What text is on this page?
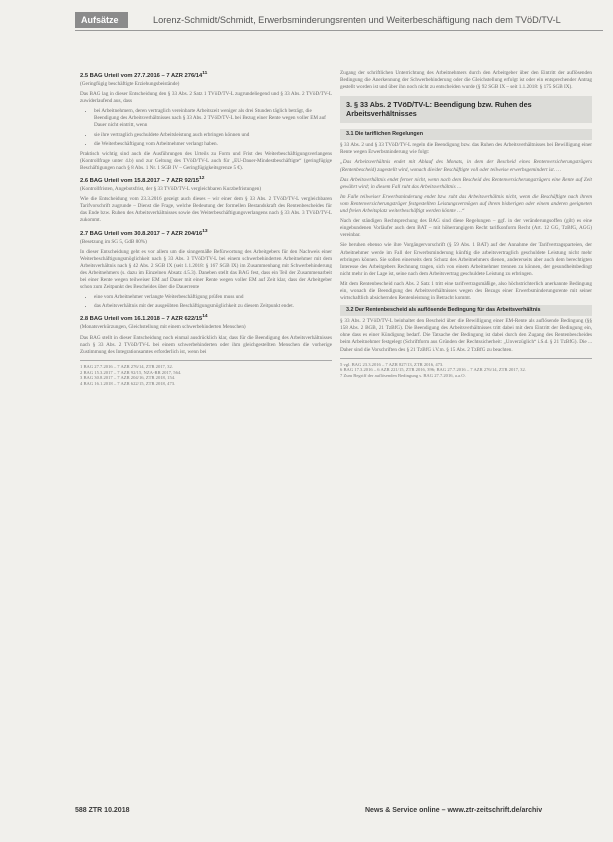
Aufsätze	Lorenz-Schmidt/Schmidt, Erwerbsminderungsrenten und Weiterbeschäftigung nach dem TVöD/TV-L
2.5 BAG Urteil vom 27.7.2016 – 7 AZR $276/14^{11}$
(Geringfügig beschäftigte Erziehungsbeistände)
Das BAG lag in dieser Entscheidung den § 33 Abs. 2 Satz 1 TVöD/TV-L zugrundeliegend und § 33 Abs. 2 TVöD/TV-L zuwiderlaufend aus, dass
• bei Arbeitnehmern, deren vertraglich vereinbarte Arbeitszeit weniger als drei Stunden täglich beträgt, die Beendigung des Arbeitsverhältnisses nach § 33 Abs. 2 TVöD/TV-L bei Bezug einer Rente wegen voller EM auf Dauer nicht eintritt, wenn
• sie ihre vertraglich geschuldete Arbeitsleistung auch erbringen können und
• die Weiterbeschäftigung vom Arbeitnehmer verlangt haben.
Praktisch wichtig sind auch die Ausführungen des Urteils zu Form und Frist des Weiterbeschäftigungsverlangens (Kontrollfrage unter 4.b) und zur Geltung des TVöD/TV-L auch für „EU-Dauer-Mindestbeschäftigte“ (geringfügige Beschäftigungen nach § 8 Abs. 1 Nr. 1 SGB IV – Geringfügigkeitsgrenze 5 €).
2.6 BAG Urteil vom 15.8.2017 – 7 AZR $92/15^{12}$
(Kontrollfristen, Angebotsfrist, der § 33 TVöD/TV-L vergleichbaren Kurzbefristungen)
Wie die Entscheidung vom 23.3.2016 gezeigt auch dieses – wir einer dem § 33 Abs. 2 TVöD/TV-L vergleichbaren Tarifvorschrift zugrunde – Dienst die Frage, welche Bedeutung der formellen Bestandskraft des Rentenbescheides für das Ende bzw. Ruhen des Arbeitsverhältnisses sowie des Weiterbeschäftigungsverlangens nach § 33 Abs. 3 TVöD/TV-L zukommt.
2.7 BAG Urteil vom 30.8.2017 – 7 AZR $204/16^{13}$
(Besetzung im SG 5, GdB 80%)
In dieser Entscheidung geht es vor allem um die sinngemäße Befürwortung des Arbeitgebers für den Nachweis einer Weiterbeschäftigungsmöglichkeit nach § 33 Abs. 3 TVöD/TV-L bei einem schwerbehinderten Arbeitnehmer mit dem Arbeitsverhältnis nach § 42 Abs. 2 SGB IX (seit 1.1.2018: § 167 SGB IX) im Zusammenhang mit Schwerbehinderung des Arbeitnehmers (s. dazu im Einzelnen Absatz 4.5.3). Daneben stellt das BAG fest, dass ein Teil der Zusammenarbeit bei einer Rente wegen teilweiser EM auf Dauer mit einer Rente wegen voller EM auf Zeit klar, dass der Arbeitgeber schon zum Zeitpunkt des Bescheides über die Dauerrente
• eine vom Arbeitnehmer verlangte Weiterbeschäftigung prüfen muss und
• das Arbeitsverhältnis mit der ausgeübten Beschäftigungsmöglichkeit zu diesem Zeitpunkt endet.
2.8 BAG Urteil vom 16.1.2018 – 7 AZR $622/15^{14}$
(Monatsverkürzungen, Gleichstellung mit einem schwerbehinderten Menschen)
Das BAG stellt in dieser Entscheidung noch einmal ausdrücklich klar, dass für die Beendigung des Arbeitsverhältnisses nach § 33 Abs. 2 TVöD/TV-L bei einem schwerbehinderten oder ihm gleichgestellten Menschen die vorherige Zustimmung des Integrationsamtes erforderlich ist, wenn bei
1 BAG 27.7.2016 – 7 AZR 276/14, ZTR 2017, 32.
2 BAG 15.3.2017 – 7 AZR 92/15, NZA-RR 2017, 564.
3 BAG 30.8.2017 – 7 AZR 204/16, ZTR 2018, 154.
4 BAG 16.1.2018 – 7 AZR 622/15, ZTR 2018, 473.
Zugang der schriftlichen Unterrichtung des Arbeitnehmers durch den Arbeitgeber über den Eintritt der auflösenden Bedingung die Anerkennung der Schwerbehinderung oder die Gleichstellung erfolgt ist oder ein entsprechender Antrag gestellt worden ist und über ihn noch nicht zu entscheiden wurde (§ 92 SGB IX – seit 1.1.2018: § 175 SGB IX).
3. § 33 Abs. 2 TVöD/TV-L: Beendigung bzw. Ruhen des Arbeitsverhältnisses
3.1 Die tariflichen Regelungen
§ 33 Abs. 2 und § 33 TVöD/TV-L regeln die Beendigung bzw. das Ruhen des Arbeitsverhältnisses bei Bewilligung einer Rente wegen Erwerbsminderung wie folgt:
„Das Arbeitsverhältnis endet mit Ablauf des Monats, in dem der Bescheid eines Rentenversicherungsträgers (Rentenbescheid) zugestellt wird, wonach die/der Beschäftigte voll oder teilweise erwerbsgemindert ist. …
Das Arbeitsverhältnis endet ferner nicht, wenn nach dem Bescheid des Rentenversicherungsträgers eine Rente auf Zeit gewährt wird; in diesem Fall ruht das Arbeitsverhältnis …
Im Falle teilweiser Erwerbsminderung endet bzw. ruht das Arbeitsverhältnis nicht, wenn die Beschäftigte nach ihrem vom Rentenversicherungsträger festgestellten Leistungsvermögen auf ihrem bisherigen oder einem anderen geeigneten und freien Arbeitsplatz weiterbeschäftigt werden könnte …“
Nach der ständigen Rechtsprechung des BAG sind diese Regelungen – ggf. in der veränderungsoffen (gilt) es eine eingebundenen Vorläufer auch dem BAT – mit höherrangigem Recht tarifkonform Recht (Art. 12 GG, TzBfG, AGG) vereinbar.
Sie beruhen ebenso wie ihre Vorgängervorschrift (§ 59 Abs. 1 BAT) auf der Annahme der Tarifvertragsparteien, der Arbeitnehmer werde im Fall der Erwerbsminderung künftig die arbeitsvertraglich geschuldete Leistung nicht mehr erbringen können. Sie sollen einerseits dem Schutz des Arbeitnehmers dienen, andererseits aber auch dem berechtigten Interesse des Arbeitgebers Rechnung tragen, sich von einem Arbeitnehmer trennen zu können, der gesundheitsbedingt nicht mehr in der Lage ist, seine nach dem Arbeitsvertrag geschuldete Leistung zu erbringen.
Mit dem Rentenbescheid nach Abs. 2 Satz 1 tritt eine tarifvertragsmäßige, also höchstrichterlich anerkannte Bedingung ein, wonach die Beendigung des Arbeitsverhältnisses wegen des Bezugs einer Erwerbsminderungsrente mit seiner wirtschaftlich absichernden Rentenleistung in Betracht kommt.
3.2 Der Rentenbescheid als auflösende Bedingung für das Arbeitsverhältnis
§ 33 Abs. 2 TVöD/TV-L beinhaltet den Bescheid über die Bewilligung einer EM-Rente als auflösende Bedingung (§§ 158 Abs. 2 BGB, 21 TzBfG). Die Beendigung des Arbeitsverhältnisses tritt dabei mit dem Eintritt der Bedingung ein, ohne dass es einer Kündigung bedarf. Die Tatsache der Bedingung ist dabei durch den Zugang des Rentenbescheides beim Arbeitnehmer festgelegt (Schriftform aus Gründen der Rechtssicherheit: „Unverzüglich“ i.S.d. § 21 TzBfG). Die ... Daher sind die Vorschriften des § 21 TzBfG i.V.m. § 15 Abs. 2 TzBfG zu beachten.
5 vgl. BAG 23.3.2016 – 7 AZR 827/13, ZTR 2016, 473.
6 BAG 17.3.2016 – 6 AZR 221/15, ZTR 2016, 396; BAG 27.7.2016 – 7 AZR 276/14, ZTR 2017, 32.
7 Zum Begriff der auflösenden Bedingung s. BAG 27.7.2016, a.a.O.
588 ZTR 10.2018	News & Service online – www.ztr-zeitschrift.de/archiv
